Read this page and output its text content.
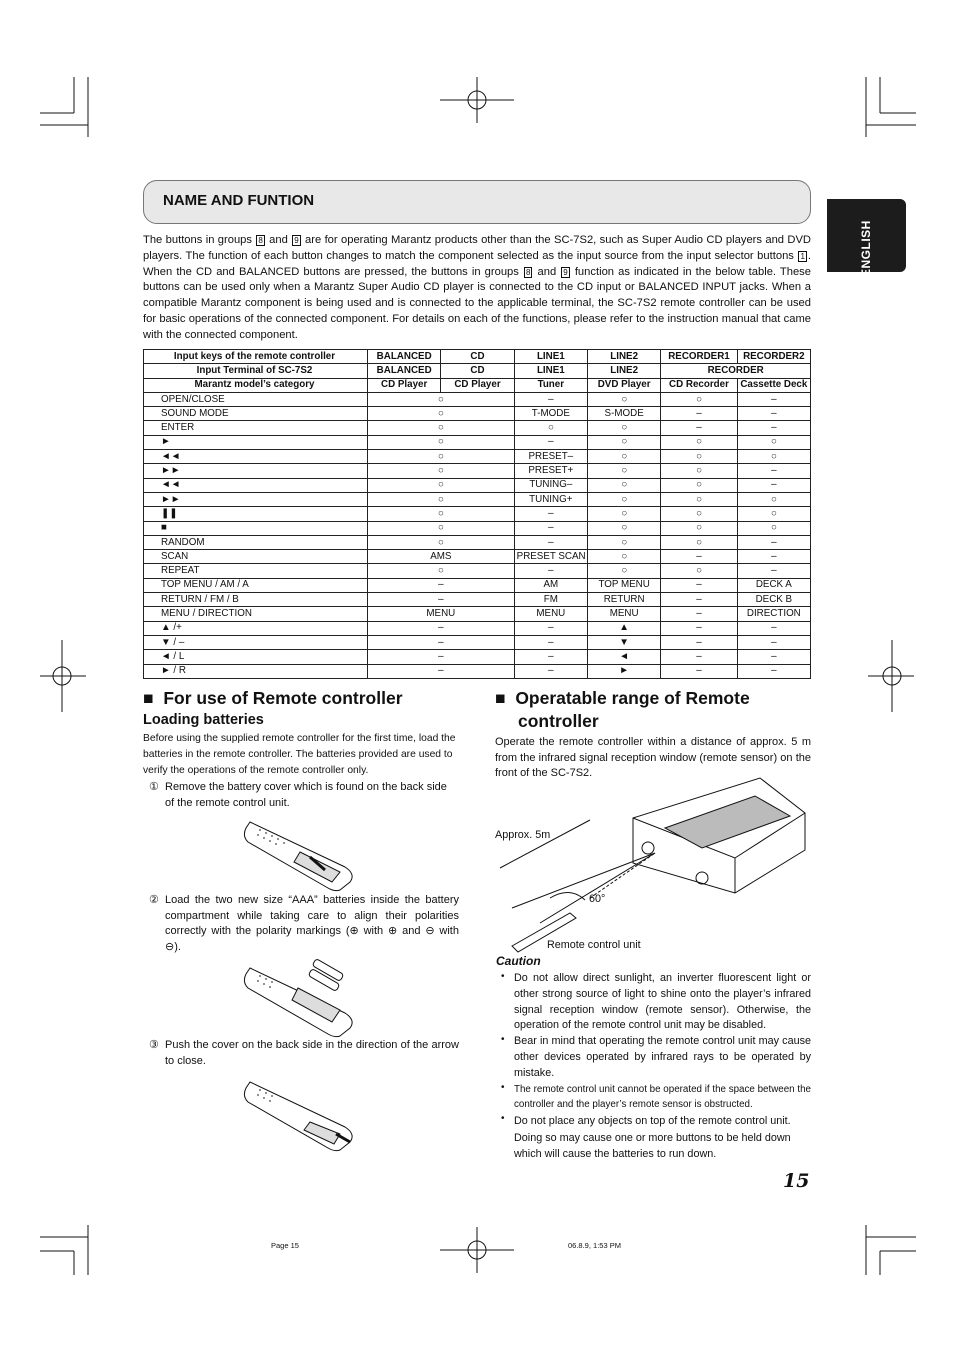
NAME AND FUNTION
ENGLISH
The buttons in groups 8 and 9 are for operating Marantz products other than the SC-7S2, such as Super Audio CD players and DVD players. The function of each button changes to match the component selected as the input source from the input selector buttons 1 . When the CD and BALANCED buttons are pressed, the buttons in groups 8 and 9 function as indicated in the below table. These buttons can be used only when a Marantz Super Audio CD player is connected to the CD input or BALANCED INPUT jacks. When a compatible Marantz component is being used and is connected to the applicable terminal, the SC-7S2 remote controller can be used for basic operations of the connected component. For details on each of the functions, please refer to the instruction manual that came with the connected component.
Input keys of the remote controller	BALANCED	CD	LINE1	LINE2	RECORDER1	RECORDER2
Input Terminal of SC-7S2	BALANCED	CD	LINE1	LINE2	RECORDER	
Marantz model’s category	CD Player	CD Player	Tuner	DVD Player	CD Recorder	Cassette Deck
OPEN/CLOSE	○		–	○	○	–
SOUND MODE	○		T-MODE	S-MODE	–	–
ENTER	○		○	○	–	–
►	○		–	○	○	○
◄◄	○		PRESET–	○	○	○
►►	○		PRESET+	○	○	–
◄◄	○		TUNING–	○	○	–
►►	○		TUNING+	○	○	○
❚❚	○		–	○	○	○
■	○		–	○	○	○
RANDOM	○		–	○	○	–
SCAN	AMS		PRESET SCAN	○	–	–
REPEAT	○		–	○	○	–
TOP MENU / AM / A	–		AM	TOP MENU	–	DECK A
RETURN / FM / B	–		FM	RETURN	–	DECK B
MENU / DIRECTION	MENU		MENU	MENU	–	DIRECTION
▲ /+	–		–	▲	–	–
▼ / –	–		–	▼	–	–
◄ / L	–		–	◄	–	–
► / R	–		–	►	–	–
■ For use of Remote controller
Loading batteries
Before using the supplied remote controller for the first time, load the batteries in the remote controller. The batteries provided are used to verify the operations of the remote controller only.
① Remove the battery cover which is found on the back side of the remote control unit.
② Load the two new size “AAA” batteries inside the battery compartment while taking care to align their polarities correctly with the polarity markings (⊕ with ⊕ and ⊖ with ⊖).
③ Push the cover on the back side in the direction of the arrow to close.
■ Operatable range of Remote
controller
Operate the remote controller within a distance of approx. 5 m from the infrared signal reception window (remote sensor) on the front of the SC-7S2.
Approx. 5m
60°
Remote control unit
Caution
• Do not allow direct sunlight, an inverter fluorescent light or other strong source of light to shine onto the player’s infrared signal reception window (remote sensor). Otherwise, the operation of the remote control unit may be disabled.
• Bear in mind that operating the remote control unit may cause other devices operated by infrared rays to be operated by mistake.
• The remote control unit cannot be operated if the space between the controller and the player’s remote sensor is obstructed.
• Do not place any objects on top of the remote control unit. Doing so may cause one or more buttons to be held down which will cause the batteries to run down.
15
Page 15	06.8.9, 1:53 PM
